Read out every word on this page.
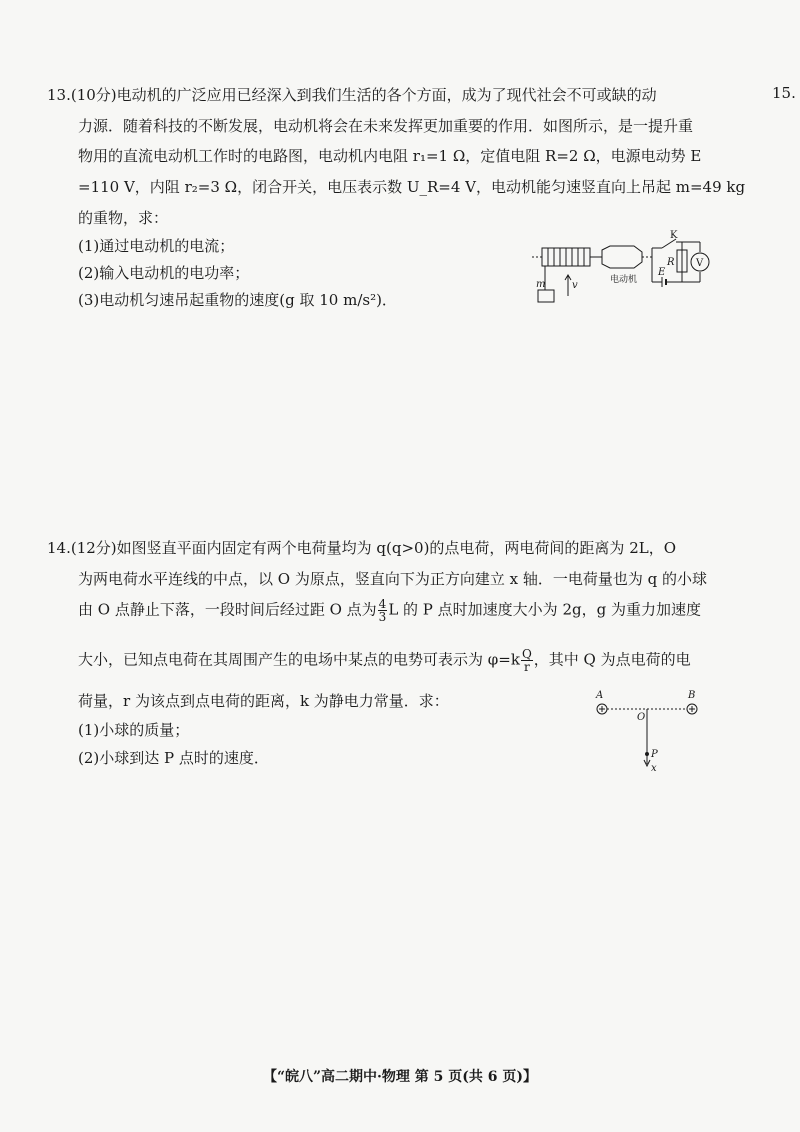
15.
13.(10分)电动机的广泛应用已经深入到我们生活的各个方面，成为了现代社会不可或缺的动
力源．随着科技的不断发展，电动机将会在未来发挥更加重要的作用．如图所示，是一提升重
物用的直流电动机工作时的电路图，电动机内电阻 r₁=1 Ω，定值电阻 R=2 Ω，电源电动势 E
=110 V，内阻 r₂=3 Ω，闭合开关，电压表示数 U_R=4 V，电动机能匀速竖直向上吊起 m=49 kg
的重物，求：
(1)通过电动机的电流；
(2)输入电动机的电功率；
(3)电动机匀速吊起重物的速度(g 取 10 m/s²)．
K
R V
E
电动机
m	v
14.(12分)如图竖直平面内固定有两个电荷量均为 q(q>0)的点电荷，两电荷间的距离为 2L，O
为两电荷水平连线的中点，以 O 为原点，竖直向下为正方向建立 x 轴．一电荷量也为 q 的小球
由 O 点静止下落，一段时间后经过距 O 点为 $\frac{4}{3}$ L 的 P 点时加速度大小为 2g，g 为重力加速度
大小，已知点电荷在其周围产生的电场中某点的电势可表示为 $\varphi=k \frac{Q}{r}$ ，其中 Q 为点电荷的电
荷量，r 为该点到点电荷的距离，k 为静电力常量．求：
(1)小球的质量；
(2)小球到达 P 点时的速度．
A	B
O
P
x
【“皖八”高二期中·物理 第 5 页(共 6 页)】
